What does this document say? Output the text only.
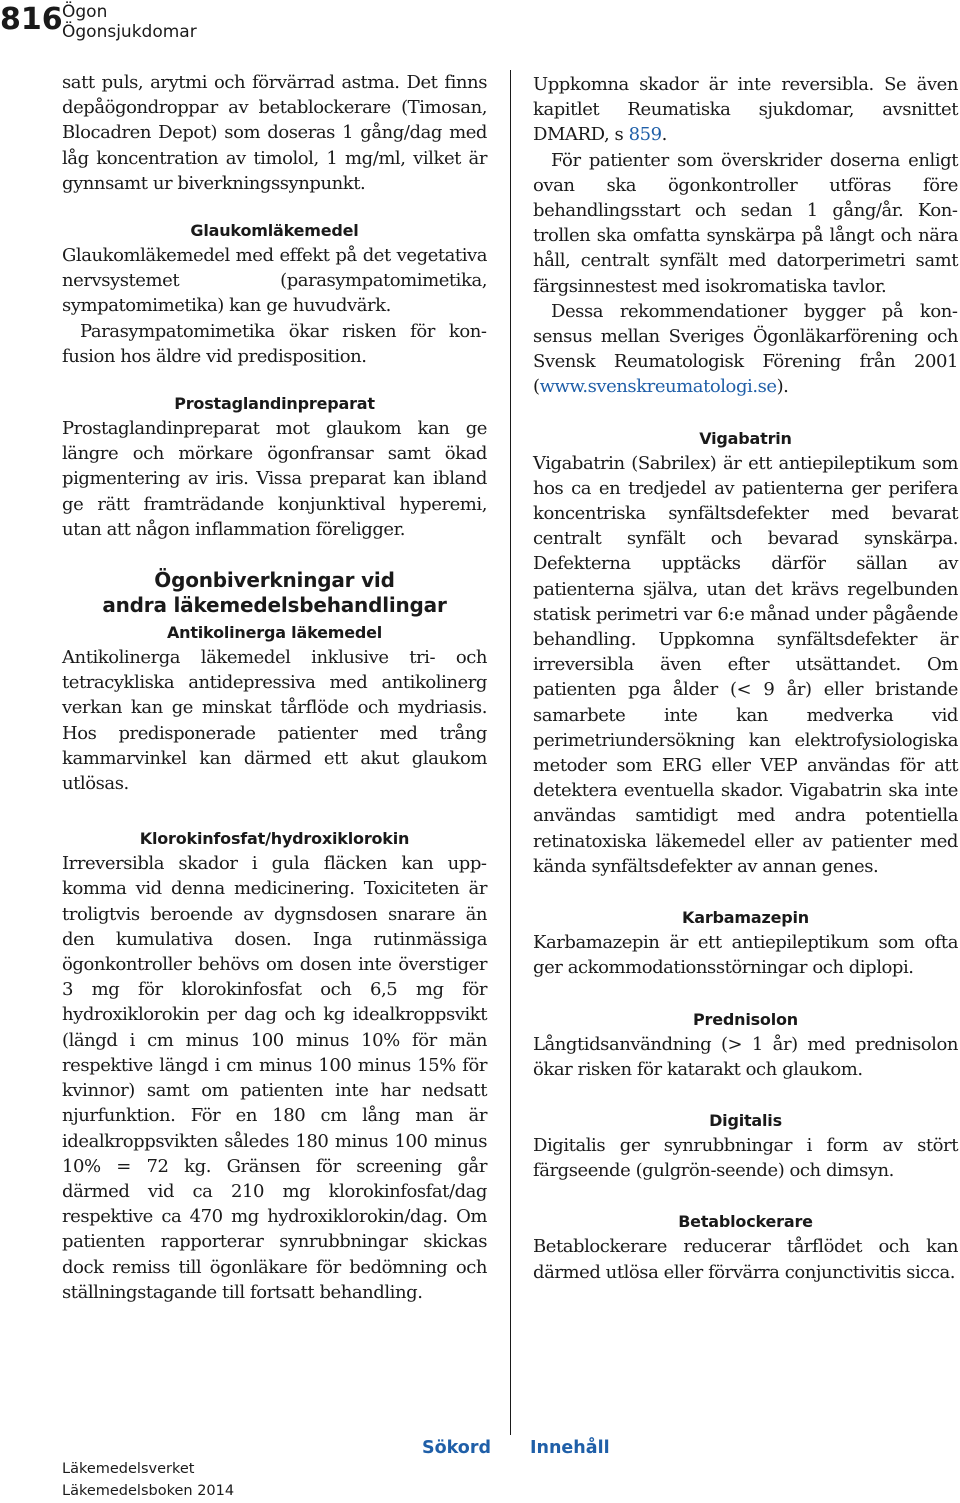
816 Ögon
Ögonsjukdomar

satt puls, arytmi och förvärrad astma. Det finns depåögondroppar av betablockerare (Timosan, Blocadren Depot) som doseras 1 gång/dag med låg koncentration av timolol, 1 mg/ml, vilket är gynnsamt ur biverkningssynpunkt.

Glaukomläkemedel

Glaukomläkemedel med effekt på det vegetativa nervsystemet (parasympatomimetika, sympatomimetika) kan ge huvudvärk.

Parasympatomimetika ökar risken för konfusion hos äldre vid predisposition.

Prostaglandinpreparat

Prostaglandinpreparat mot glaukom kan ge längre och mörkare ögonfransar samt ökad pigmentering av iris. Vissa preparat kan ibland ge rätt framträdande konjunktival hyperemi, utan att någon inflammation föreligger.

Ögonbiverkningar vid
andra läkemedelsbehandlingar
Antikolinerga läkemedel

Antikolinerga läkemedel inklusive tri- och tetracykliska antidepressiva med antikolinerg verkan kan ge minskat tårflöde och mydriasis. Hos predisponerade patienter med trång kammarvinkel kan därmed ett akut glaukom utlösas.

Klorokinfosfat/hydroxiklorokin

Irreversibla skador i gula fläcken kan uppkomma vid denna medicinering. Toxiciteten är troligtvis beroende av dygnsdosen snarare än den kumulativa dosen. Inga rutinmässiga ögonkontroller behövs om dosen inte överstiger 3 mg för klorokinfosfat och 6,5 mg för hydroxiklorokin per dag och kg idealkroppsvikt (längd i cm minus 100 minus 10% för män respektive längd i cm minus 100 minus 15% för kvinnor) samt om patienten inte har nedsatt njurfunktion. För en 180 cm lång man är idealkroppsvikten således 180 minus 100 minus 10% = 72 kg. Gränsen för screening går därmed vid ca 210 mg klorokinfosfat/dag respektive ca 470 mg hydroxiklorokin/dag. Om patienten rapporterar synrubbningar skickas dock remiss till ögonläkare för bedömning och ställningstagande till fortsatt behandling.

Uppkomna skador är inte reversibla. Se även kapitlet Reumatiska sjukdomar, avsnittet DMARD, s 859.

För patienter som överskrider doserna enligt ovan ska ögonkontroller utföras före behandlingsstart och sedan 1 gång/år. Kontrollen ska omfatta synskärpa på långt och nära håll, centralt synfält med datorperimetri samt färgsinnestest med isokromatiska tavlor.

Dessa rekommendationer bygger på konsensus mellan Sveriges Ögonläkarförening och Svensk Reumatologisk Förening från 2001 (www.svenskreumatologi.se).

Vigabatrin

Vigabatrin (Sabrilex) är ett antiepileptikum som hos ca en tredjedel av patienterna ger perifera koncentriska synfältsdefekter med bevarat centralt synfält och bevarad synskärpa. Defekterna upptäcks därför sällan av patienterna själva, utan det krävs regelbunden statisk perimetri var 6:e månad under pågående behandling. Uppkomna synfältsdefekter är irreversibla även efter utsättandet. Om patienten pga ålder (< 9 år) eller bristande samarbete inte kan medverka vid perimetriundersökning kan elektrofysiologiska metoder som ERG eller VEP användas för att detektera eventuella skador. Vigabatrin ska inte användas samtidigt med andra potentiella retinatoxiska läkemedel eller av patienter med kända synfältsdefekter av annan genes.

Karbamazepin

Karbamazepin är ett antiepileptikum som ofta ger ackommodationsstörningar och diplopi.

Prednisolon

Långtidsanvändning (> 1 år) med prednisolon ökar risken för katarakt och glaukom.

Digitalis

Digitalis ger synrubbningar i form av stört färgseende (gulgrön-seende) och dimsyn.

Betablockerare

Betablockerare reducerar tårflödet och kan därmed utlösa eller förvärra conjunctivitis sicca.

Läkemedelsverket
Läkemedelsboken 2014
Sökord Innehåll
